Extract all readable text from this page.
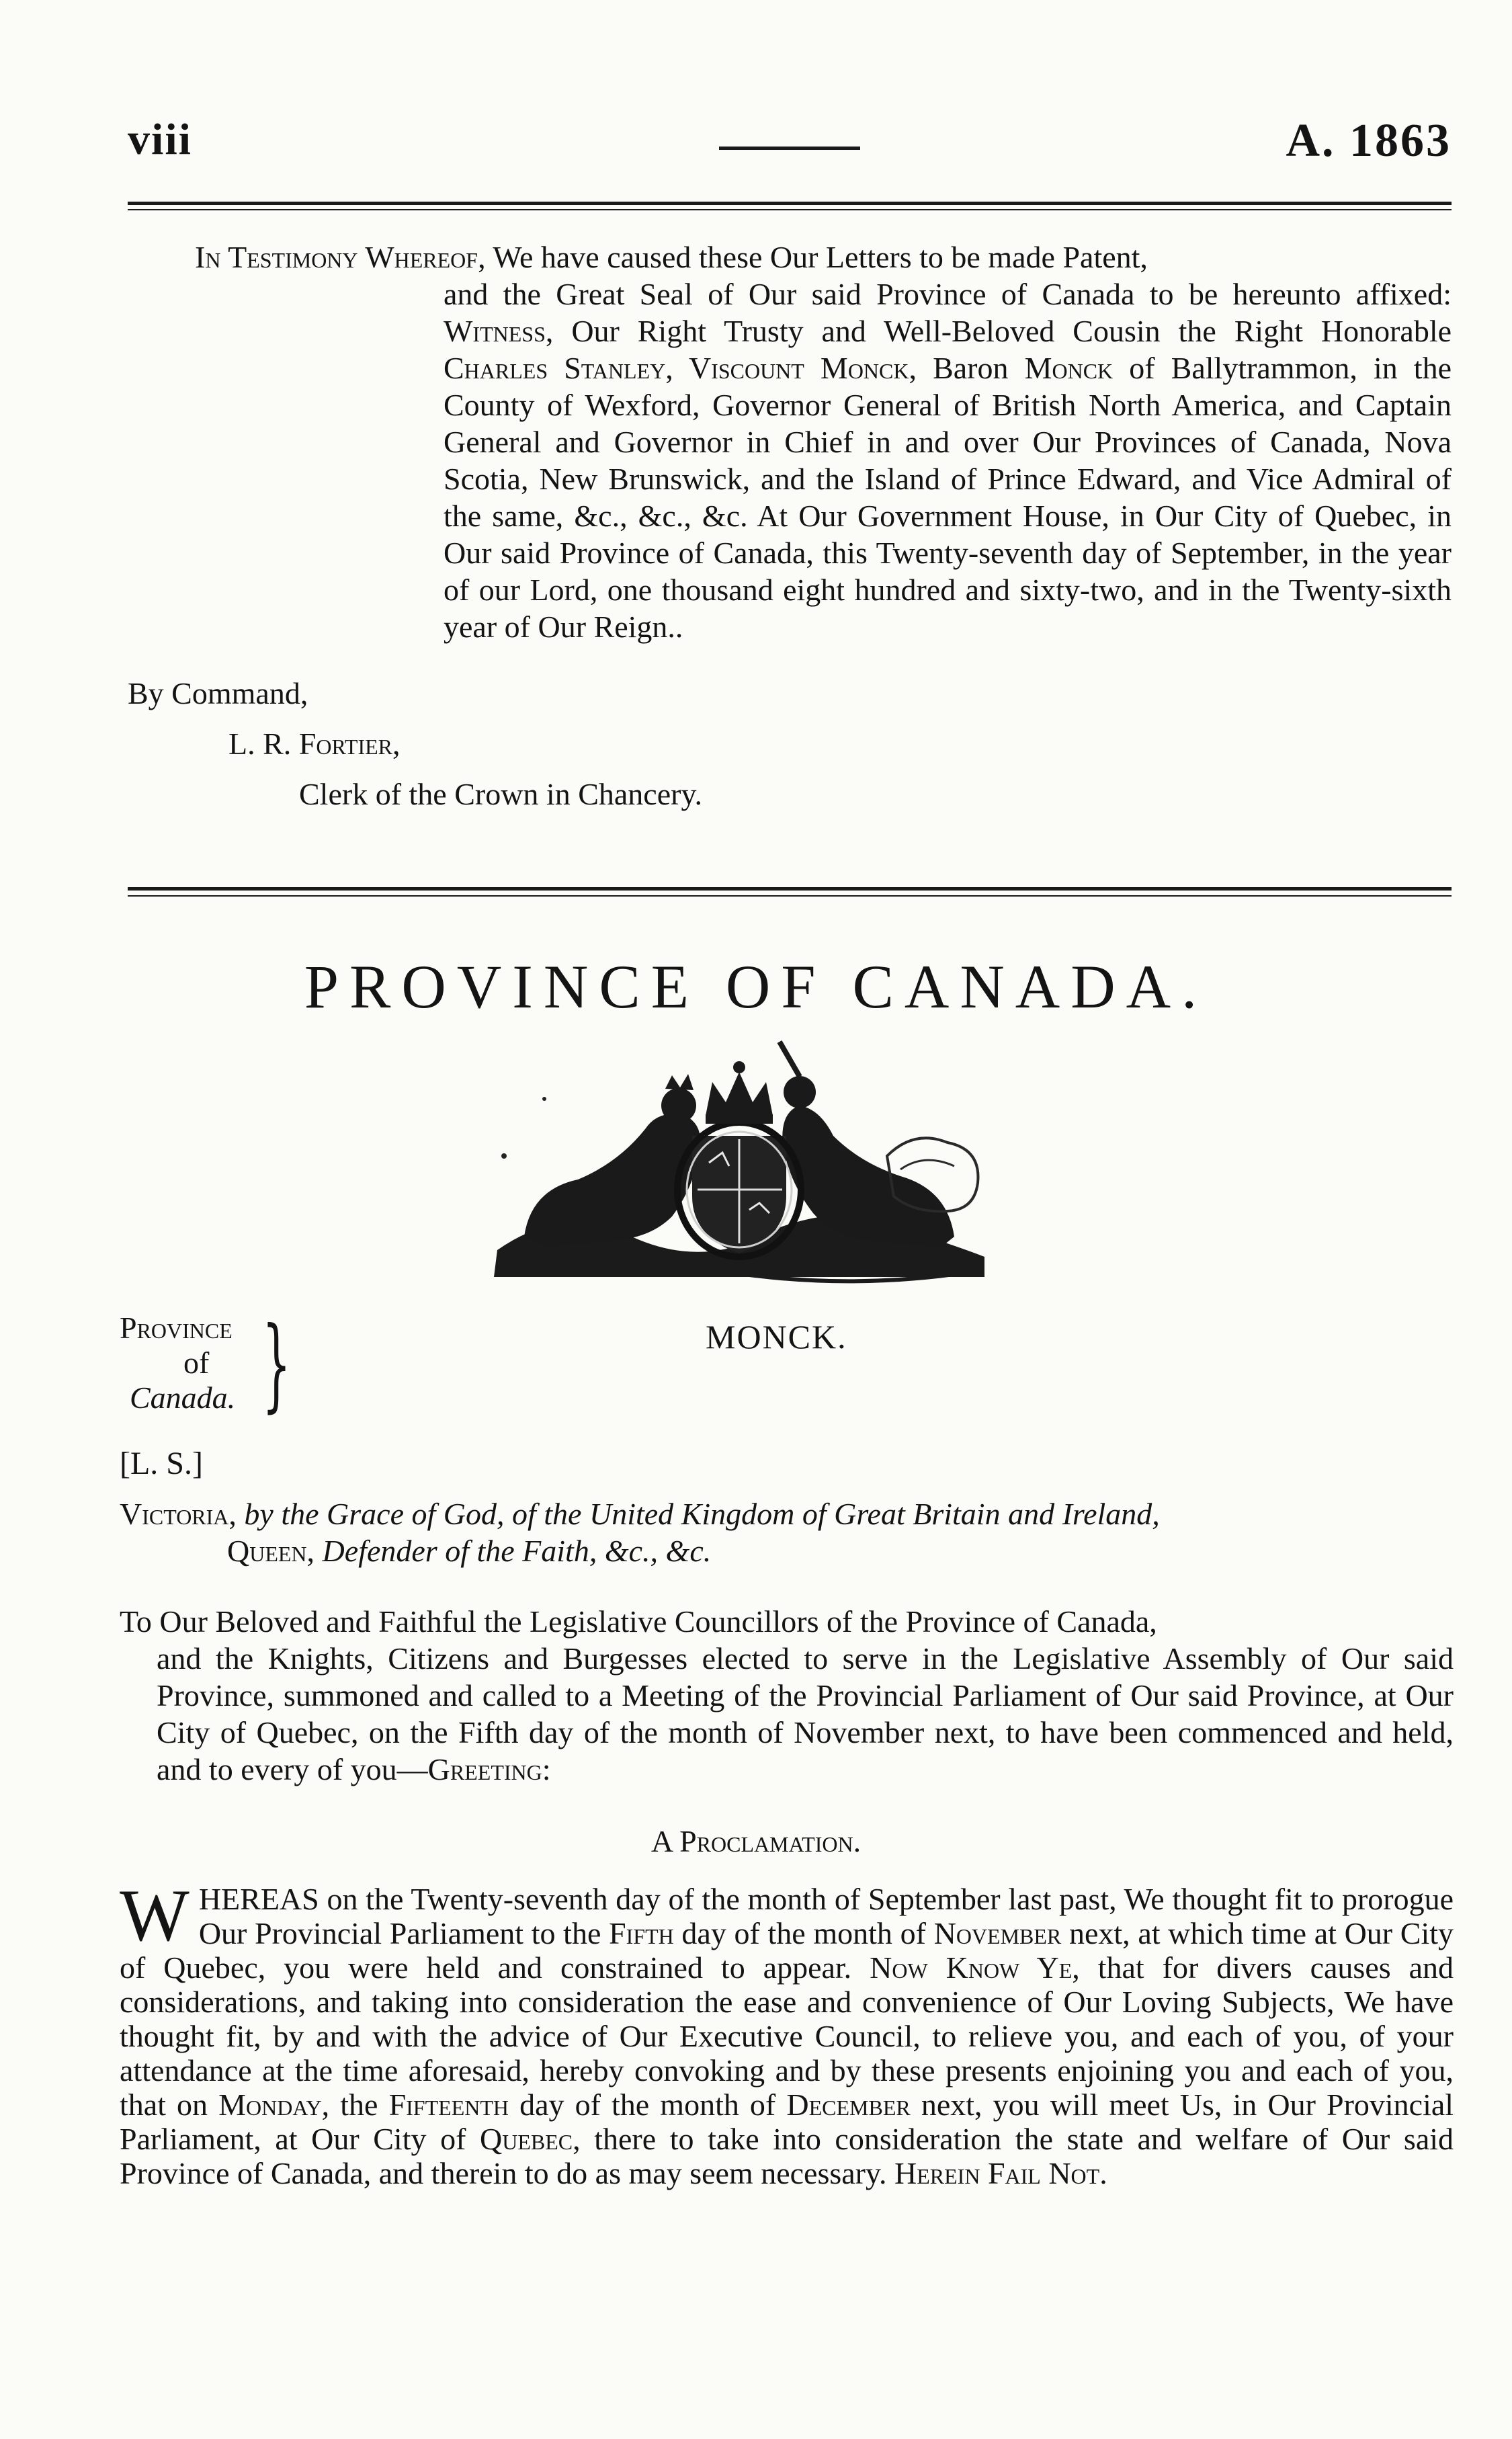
viii	A. 1863
In Testimony Whereof, We have caused these Our Letters to be made Patent,
and the Great Seal of Our said Province of Canada to be hereunto affixed: Witness, Our Right Trusty and Well-Beloved Cousin the Right Honorable Charles Stanley, Viscount Monck, Baron Monck of Ballytrammon, in the County of Wexford, Governor General of British North America, and Captain General and Governor in Chief in and over Our Provinces of Canada, Nova Scotia, New Brunswick, and the Island of Prince Edward, and Vice Admiral of the same, &c., &c., &c. At Our Government House, in Our City of Quebec, in Our said Province of Canada, this Twenty-seventh day of September, in the year of our Lord, one thousand eight hundred and sixty-two, and in the Twenty-sixth year of Our Reign..
By Command,
L. R. Fortier,
Clerk of the Crown in Chancery.
PROVINCE OF CANADA.
Province
of
Canada. }	MONCK.
[L. S.]
Victoria, by the Grace of God, of the United Kingdom of Great Britain and Ireland,
Queen, Defender of the Faith, &c., &c.
To Our Beloved and Faithful the Legislative Councillors of the Province of Canada,
and the Knights, Citizens and Burgesses elected to serve in the Legislative Assembly of Our said Province, summoned and called to a Meeting of the Provincial Parliament of Our said Province, at Our City of Quebec, on the Fifth day of the month of November next, to have been commenced and held, and to every of you—Greeting:
A Proclamation.
W HEREAS on the Twenty-seventh day of the month of September last past, We thought fit to prorogue Our Provincial Parliament to the Fifth day of the month of November next, at which time at Our City of Quebec, you were held and constrained to appear. Now Know Ye, that for divers causes and considerations, and taking into consideration the ease and convenience of Our Loving Subjects, We have thought fit, by and with the advice of Our Executive Council, to relieve you, and each of you, of your attendance at the time aforesaid, hereby convoking and by these presents enjoining you and each of you, that on Monday, the Fifteenth day of the month of December next, you will meet Us, in Our Provincial Parliament, at Our City of Quebec, there to take into consideration the state and welfare of Our said Province of Canada, and therein to do as may seem necessary. Herein Fail Not.
